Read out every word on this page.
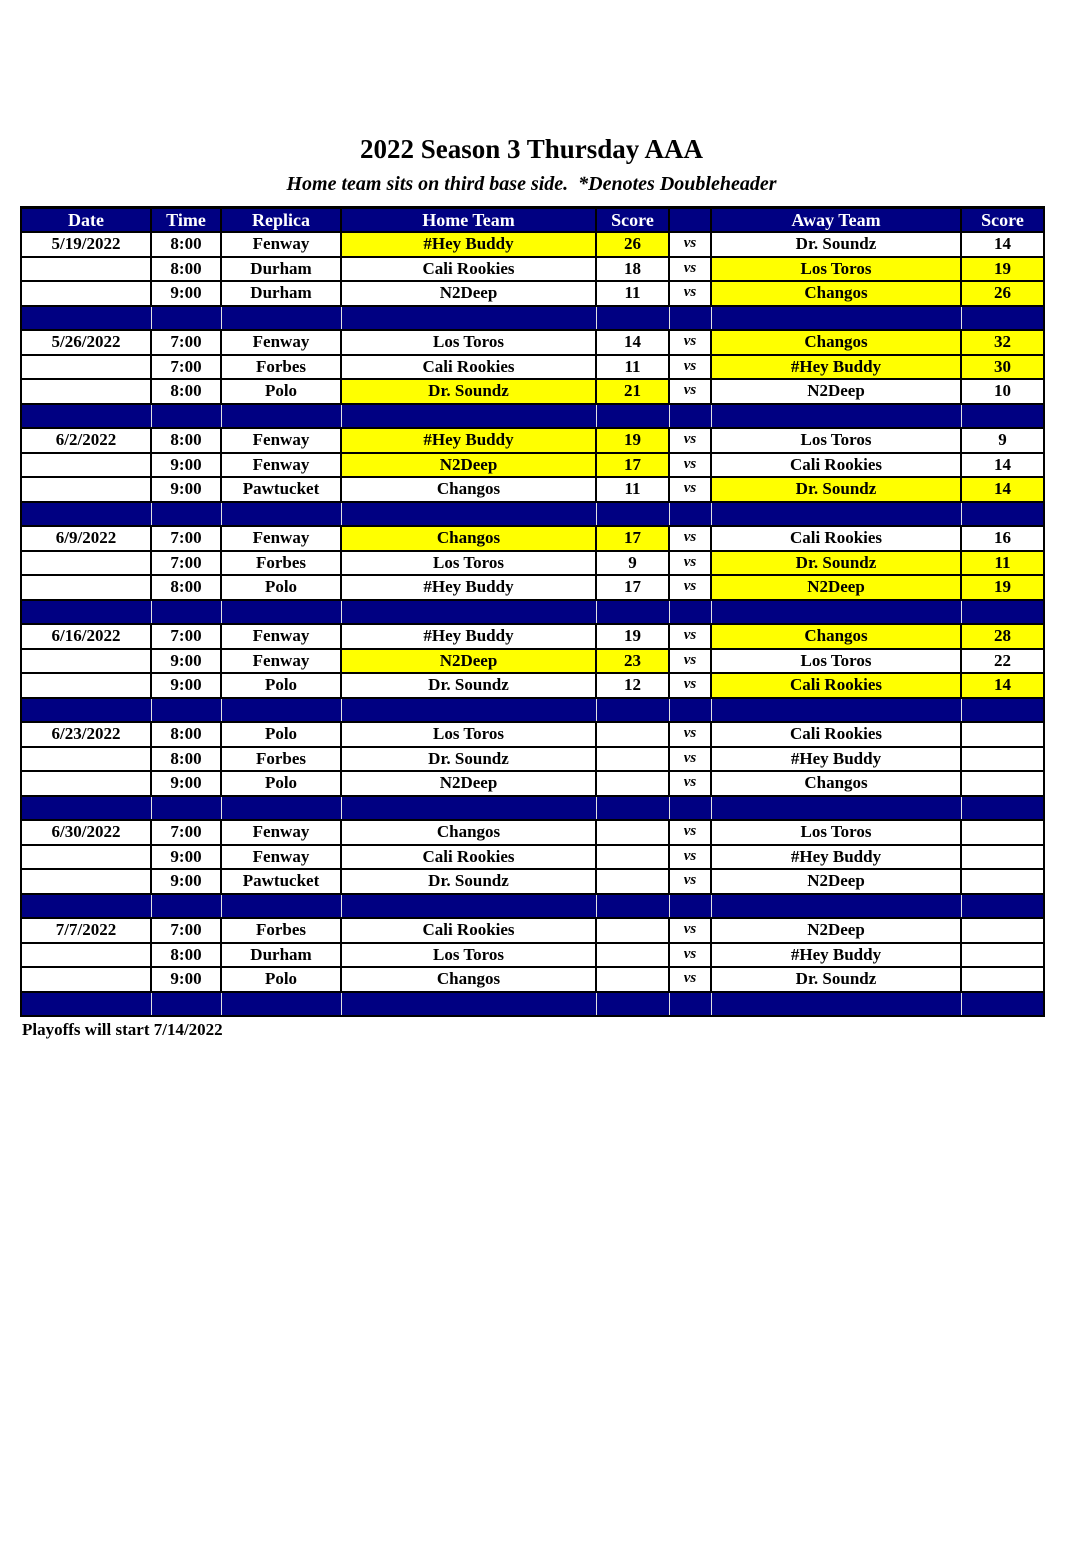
2022 Season 3 Thursday AAA
Home team sits on third base side.  *Denotes Doubleheader
Date	Time	Replica	Home Team	Score		Away Team	Score
5/19/2022	8:00	Fenway	#Hey Buddy	26	vs	Dr. Soundz	14
	8:00	Durham	Cali Rookies	18	vs	Los Toros	19
	9:00	Durham	N2Deep	11	vs	Changos	26

5/26/2022	7:00	Fenway	Los Toros	14	vs	Changos	32
	7:00	Forbes	Cali Rookies	11	vs	#Hey Buddy	30
	8:00	Polo	Dr. Soundz	21	vs	N2Deep	10

6/2/2022	8:00	Fenway	#Hey Buddy	19	vs	Los Toros	9
	9:00	Fenway	N2Deep	17	vs	Cali Rookies	14
	9:00	Pawtucket	Changos	11	vs	Dr. Soundz	14

6/9/2022	7:00	Fenway	Changos	17	vs	Cali Rookies	16
	7:00	Forbes	Los Toros	9	vs	Dr. Soundz	11
	8:00	Polo	#Hey Buddy	17	vs	N2Deep	19

6/16/2022	7:00	Fenway	#Hey Buddy	19	vs	Changos	28
	9:00	Fenway	N2Deep	23	vs	Los Toros	22
	9:00	Polo	Dr. Soundz	12	vs	Cali Rookies	14

6/23/2022	8:00	Polo	Los Toros		vs	Cali Rookies	
	8:00	Forbes	Dr. Soundz		vs	#Hey Buddy	
	9:00	Polo	N2Deep		vs	Changos	

6/30/2022	7:00	Fenway	Changos		vs	Los Toros	
	9:00	Fenway	Cali Rookies		vs	#Hey Buddy	
	9:00	Pawtucket	Dr. Soundz		vs	N2Deep	

7/7/2022	7:00	Forbes	Cali Rookies		vs	N2Deep	
	8:00	Durham	Los Toros		vs	#Hey Buddy	
	9:00	Polo	Changos		vs	Dr. Soundz	

Playoffs will start 7/14/2022
